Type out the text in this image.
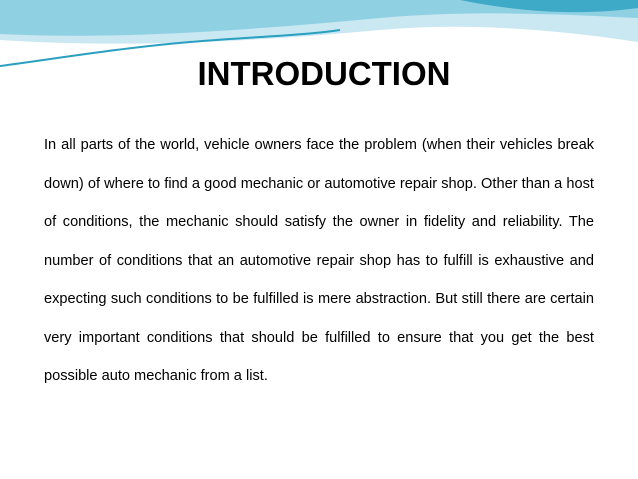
INTRODUCTION

In all parts of the world, vehicle owners face the problem (when their vehicles break down) of where to find a good mechanic or automotive repair shop. Other than a host of conditions, the mechanic should satisfy the owner in fidelity and reliability. The number of conditions that an automotive repair shop has to fulfill is exhaustive and expecting such conditions to be fulfilled is mere abstraction. But still there are certain very important conditions that should be fulfilled to ensure that you get the best possible auto mechanic from a list.
